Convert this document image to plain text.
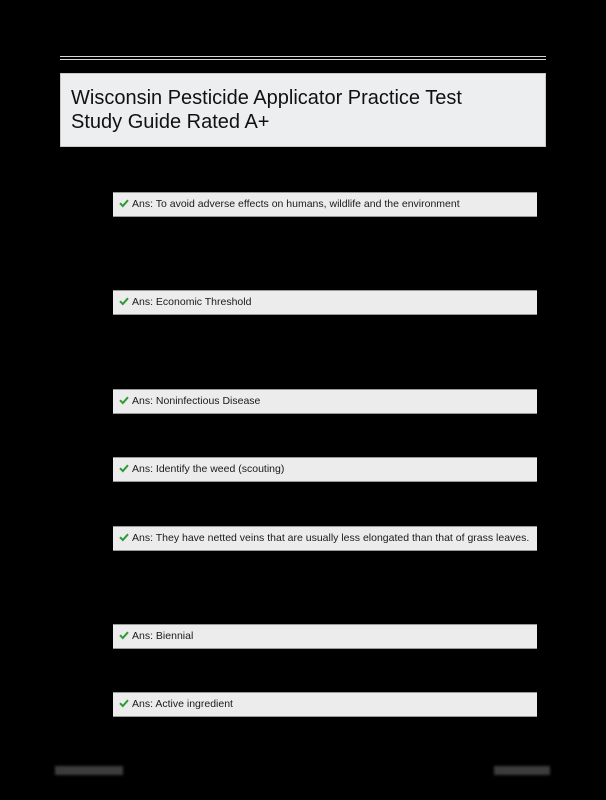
Wisconsin Pesticide Applicator Practice Test
Study Guide Rated A+
Ans: To avoid adverse effects on humans, wildlife and the environment
Ans: Economic Threshold
Ans: Noninfectious Disease
Ans: Identify the weed (scouting)
Ans: They have netted veins that are usually less elongated than that of grass leaves.
Ans: Biennial
Ans: Active ingredient
